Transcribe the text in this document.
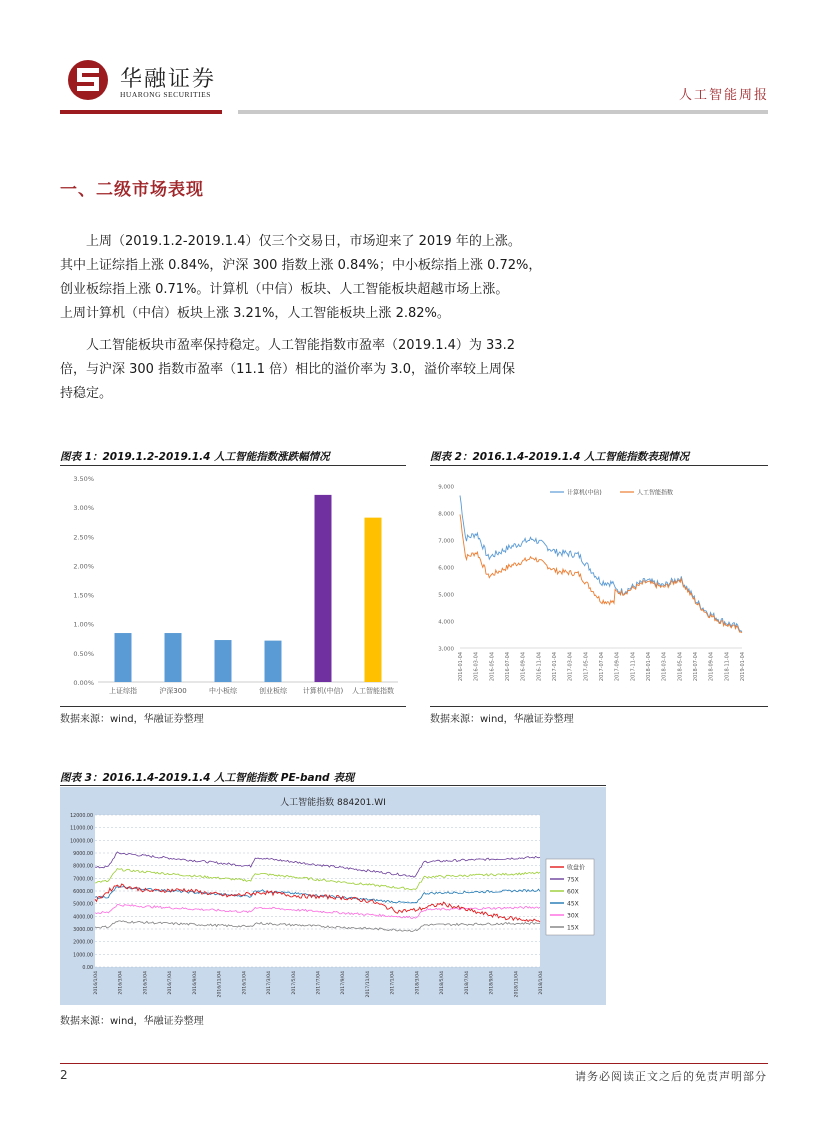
华融证券
HUARONG SECURITIES	人工智能周报
一、二级市场表现
上周（2019.1.2-2019.1.4）仅三个交易日，市场迎来了 2019 年的上涨。
其中上证综指上涨 0.84%，沪深 300 指数上涨 0.84%；中小板综指上涨 0.72%，
创业板综指上涨 0.71%。计算机（中信）板块、人工智能板块超越市场上涨。
上周计算机（中信）板块上涨 3.21%，人工智能板块上涨 2.82%。
人工智能板块市盈率保持稳定。人工智能指数市盈率（2019.1.4）为 33.2
倍，与沪深 300 指数市盈率（11.1 倍）相比的溢价率为 3.0，溢价率较上周保
持稳定。
图表 1：2019.1.2-2019.1.4 人工智能指数涨跌幅情况
0.00%
0.50%
1.00%
1.50%
2.00%
2.50%
3.00%
3.50%
上证综指	沪深300	中小板综	创业板综 计算机(中信) 人工智能指数
数据来源：wind，华融证券整理
图表 2：2016.1.4-2019.1.4 人工智能指数表现情况
3,000
4,000
5,000
6,000
7,000
8,000
9,000
2016-01-04 2016-03-04 2016-05-04 2016-07-04 2016-09-04 2016-11-04 2017-01-04 2017-03-04 2017-05-04 2017-07-04 2017-09-04 2017-11-04 2018-01-04 2018-03-04 2018-05-04 2018-07-04 2018-09-04 2018-11-04 2019-01-04
计算机(中信)	人工智能指数
数据来源：wind，华融证券整理
图表 3：2016.1.4-2019.1.4 人工智能指数 PE-band 表现
人工智能指数 884201.WI
0.00
1000.00
2000.00
3000.00
4000.00
5000.00
6000.00
7000.00
8000.00
9000.00
10000.00
11000.00
12000.00
2016/1/04	2016/3/04	2016/5/04	2016/7/04	2016/9/04	2016/11/04	2016/1/04	2017/3/04	2017/5/04	2017/7/04	2017/9/04	2017/11/04	2017/1/04	2018/3/04	2018/5/04	2018/7/04	2018/9/04	2018/11/04	2018/1/04
收盘价
75X
60X
45X
30X
15X
数据来源：wind，华融证券整理
2	请务必阅读正文之后的免责声明部分
